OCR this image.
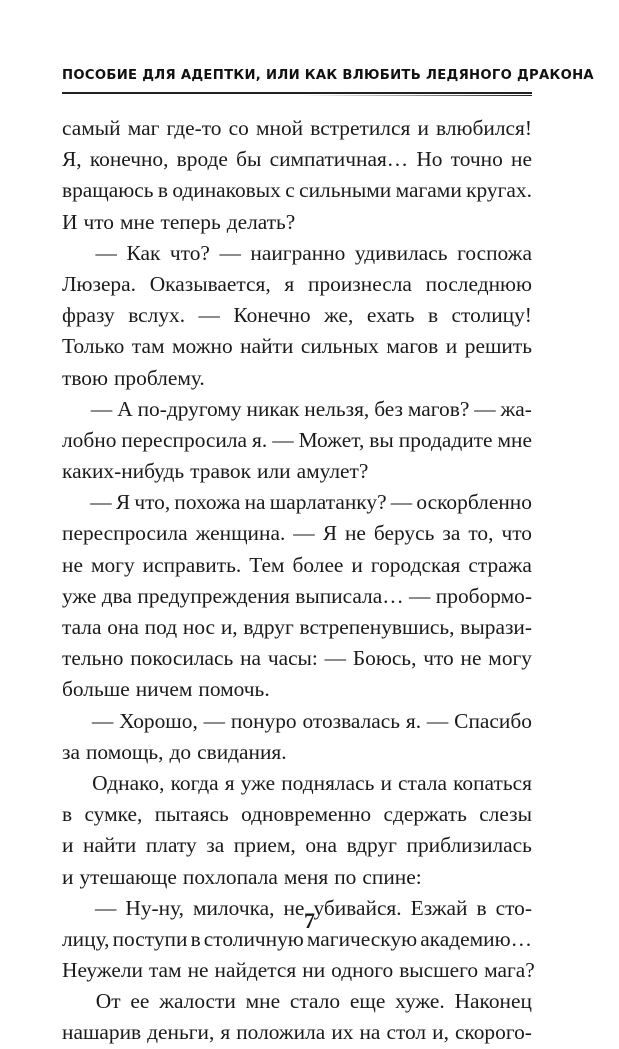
ПОСОБИЕ ДЛЯ АДЕПТКИ, ИЛИ КАК ВЛЮБИТЬ ЛЕДЯНОГО ДРАКОНА
самый маг где-то со мной встретился и влюбился!
Я, конечно, вроде бы симпатичная… Но точно не
вращаюсь в одинаковых с сильными магами кругах.
И что мне теперь делать?
— Как что? — наигранно удивилась госпожа
Люзера. Оказывается, я произнесла последнюю
фразу вслух. — Конечно же, ехать в столицу!
Только там можно найти сильных магов и решить
твою проблему.
— А по-другому никак нельзя, без магов? — жа-
лобно переспросила я. — Может, вы продадите мне
каких-нибудь травок или амулет?
— Я что, похожа на шарлатанку? — оскорбленно
переспросила женщина. — Я не берусь за то, что
не могу исправить. Тем более и городская стража
уже два предупреждения выписала… — пробормо-
тала она под нос и, вдруг встрепенувшись, вырази-
тельно покосилась на часы: — Боюсь, что не могу
больше ничем помочь.
— Хорошо, — понуро отозвалась я. — Спасибо
за помощь, до свидания.
Однако, когда я уже поднялась и стала копаться
в сумке, пытаясь одновременно сдержать слезы
и найти плату за прием, она вдруг приблизилась
и утешающе похлопала меня по спине:
— Ну-ну, милочка, не убивайся. Езжай в сто-
лицу, поступи в столичную магическую академию…
Неужели там не найдется ни одного высшего мага?
От ее жалости мне стало еще хуже. Наконец
нашарив деньги, я положила их на стол и, скорого-
7
